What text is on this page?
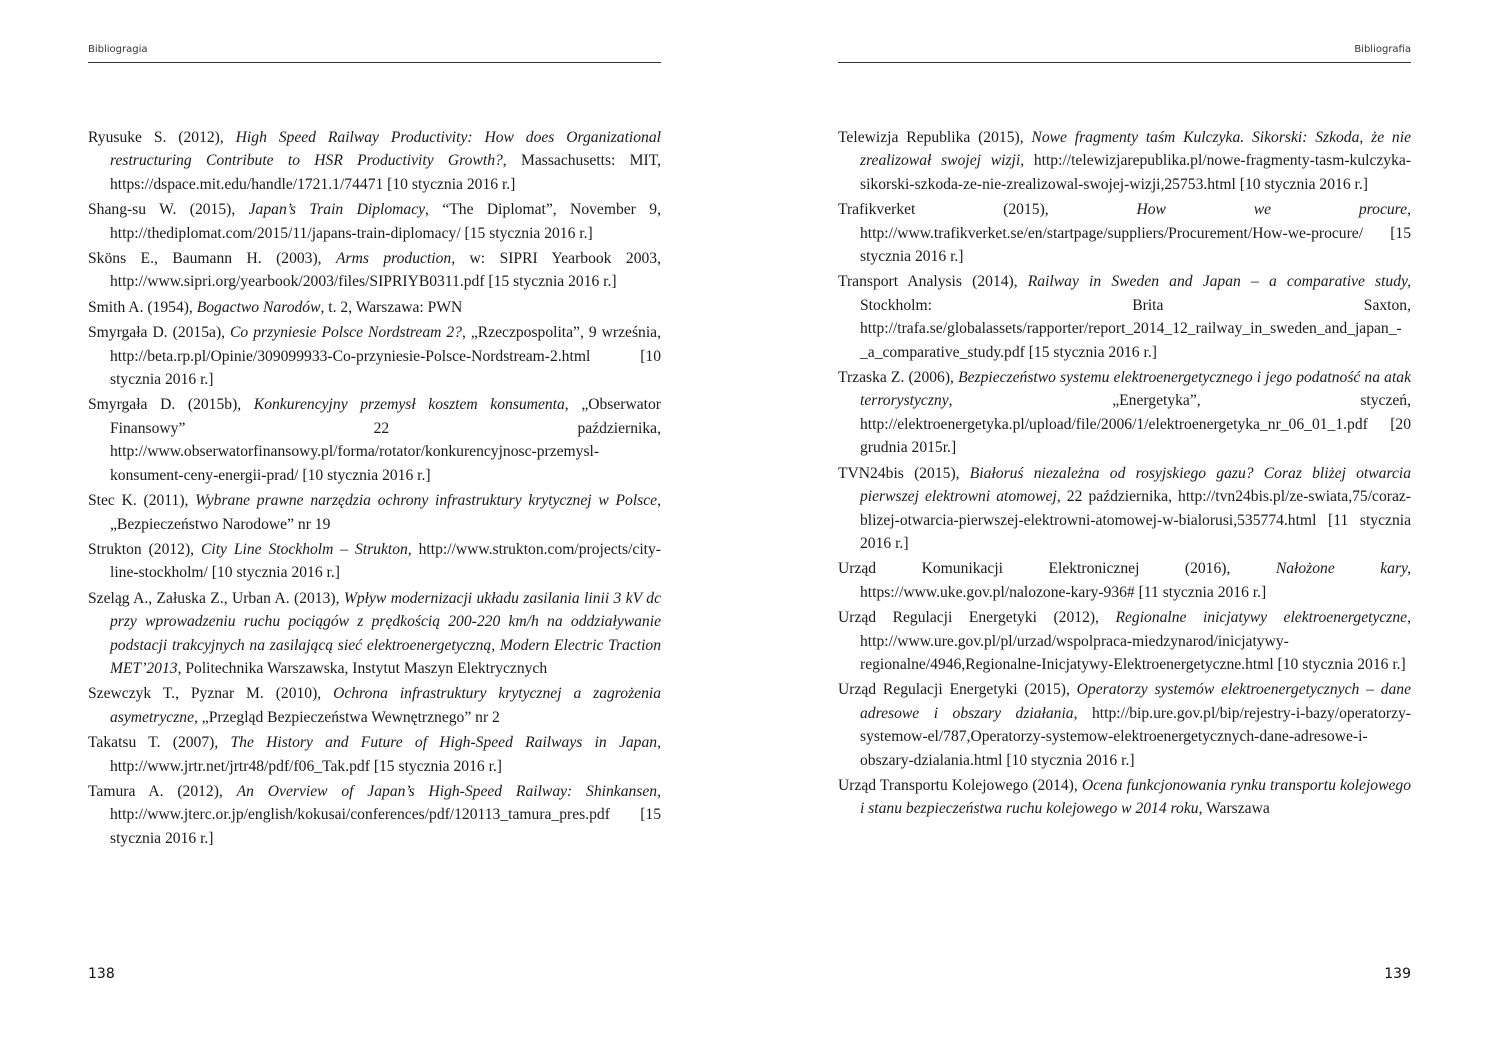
Bibliogragia

Ryusuke S. (2012), High Speed Railway Productivity: How does Organizational restructuring Contribute to HSR Productivity Growth?, Massachusetts: MIT, https://dspace.mit.edu/handle/1721.1/74471 [10 stycznia 2016 r.]

Shang-su W. (2015), Japan’s Train Diplomacy, “The Diplomat”, November 9, http://thediplomat.com/2015/11/japans-train-diplomacy/ [15 stycznia 2016 r.]

Sköns E., Baumann H. (2003), Arms production, w: SIPRI Yearbook 2003, http://www.sipri.org/yearbook/2003/files/SIPRIYB0311.pdf [15 stycznia 2016 r.]

Smith A. (1954), Bogactwo Narodów, t. 2, Warszawa: PWN

Smyrgała D. (2015a), Co przyniesie Polsce Nordstream 2?, „Rzeczpospolita”, 9 września, http://beta.rp.pl/Opinie/309099933-Co-przyniesie-Polsce-Nordstream-2.html [10 stycznia 2016 r.]

Smyrgała D. (2015b), Konkurencyjny przemysł kosztem konsumenta, „Obserwator Finansowy” 22 października, http://www.obserwatorfinansowy.pl/forma/rotator/konkurencyjnosc-przemysl-konsument-ceny-energii-prad/ [10 stycznia 2016 r.]

Stec K. (2011), Wybrane prawne narzędzia ochrony infrastruktury krytycznej w Polsce, „Bezpieczeństwo Narodowe” nr 19

Strukton (2012), City Line Stockholm – Strukton, http://www.strukton.com/projects/city-line-stockholm/ [10 stycznia 2016 r.]

Szeląg A., Załuska Z., Urban A. (2013), Wpływ modernizacji układu zasilania linii 3 kV dc przy wprowadzeniu ruchu pociągów z prędkością 200-220 km/h na oddziaływanie podstacji trakcyjnych na zasilającą sieć elektroenergetyczną, Modern Electric Traction MET’2013, Politechnika Warszawska, Instytut Maszyn Elektrycznych

Szewczyk T., Pyznar M. (2010), Ochrona infrastruktury krytycznej a zagrożenia asymetryczne, „Przegląd Bezpieczeństwa Wewnętrznego” nr 2

Takatsu T. (2007), The History and Future of High-Speed Railways in Japan, http://www.jrtr.net/jrtr48/pdf/f06_Tak.pdf [15 stycznia 2016 r.]

Tamura A. (2012), An Overview of Japan’s High-Speed Railway: Shinkansen, http://www.jterc.or.jp/english/kokusai/conferences/pdf/120113_tamura_pres.pdf [15 stycznia 2016 r.]

138
Bibliografia

Telewizja Republika (2015), Nowe fragmenty taśm Kulczyka. Sikorski: Szkoda, że nie zrealizował swojej wizji, http://telewizjarepublika.pl/nowe-fragmenty-tasm-kulczyka-sikorski-szkoda-ze-nie-zrealizowal-swojej-wizji,25753.html [10 stycznia 2016 r.]

Trafikverket (2015), How we procure, http://www.trafikverket.se/en/startpage/suppliers/Procurement/How-we-procure/ [15 stycznia 2016 r.]

Transport Analysis (2014), Railway in Sweden and Japan – a comparative study, Stockholm: Brita Saxton, http://trafa.se/globalassets/rapporter/report_2014_12_railway_in_sweden_and_japan_-_a_comparative_study.pdf [15 stycznia 2016 r.]

Trzaska Z. (2006), Bezpieczeństwo systemu elektroenergetycznego i jego podatność na atak terrorystyczny, „Energetyka”, styczeń, http://elektroenergetyka.pl/upload/file/2006/1/elektroenergetyka_nr_06_01_1.pdf [20 grudnia 2015r.]

TVN24bis (2015), Białoruś niezależna od rosyjskiego gazu? Coraz bliżej otwarcia pierwszej elektrowni atomowej, 22 października, http://tvn24bis.pl/ze-swiata,75/coraz-blizej-otwarcia-pierwszej-elektrowni-atomowej-w-bialorusi,535774.html [11 stycznia 2016 r.]

Urząd Komunikacji Elektronicznej (2016), Nałożone kary, https://www.uke.gov.pl/nalozone-kary-936# [11 stycznia 2016 r.]

Urząd Regulacji Energetyki (2012), Regionalne inicjatywy elektroenergetyczne, http://www.ure.gov.pl/pl/urzad/wspolpraca-miedzynarod/inicjatywy-regionalne/4946,Regionalne-Inicjatywy-Elektroenergetyczne.html [10 stycznia 2016 r.]

Urząd Regulacji Energetyki (2015), Operatorzy systemów elektroenergetycznych – dane adresowe i obszary działania, http://bip.ure.gov.pl/bip/rejestry-i-bazy/operatorzy-systemow-el/787,Operatorzy-systemow-elektroenergetycznych-dane-adresowe-i-obszary-dzialania.html [10 stycznia 2016 r.]

Urząd Transportu Kolejowego (2014), Ocena funkcjonowania rynku transportu kolejowego i stanu bezpieczeństwa ruchu kolejowego w 2014 roku, Warszawa

139
